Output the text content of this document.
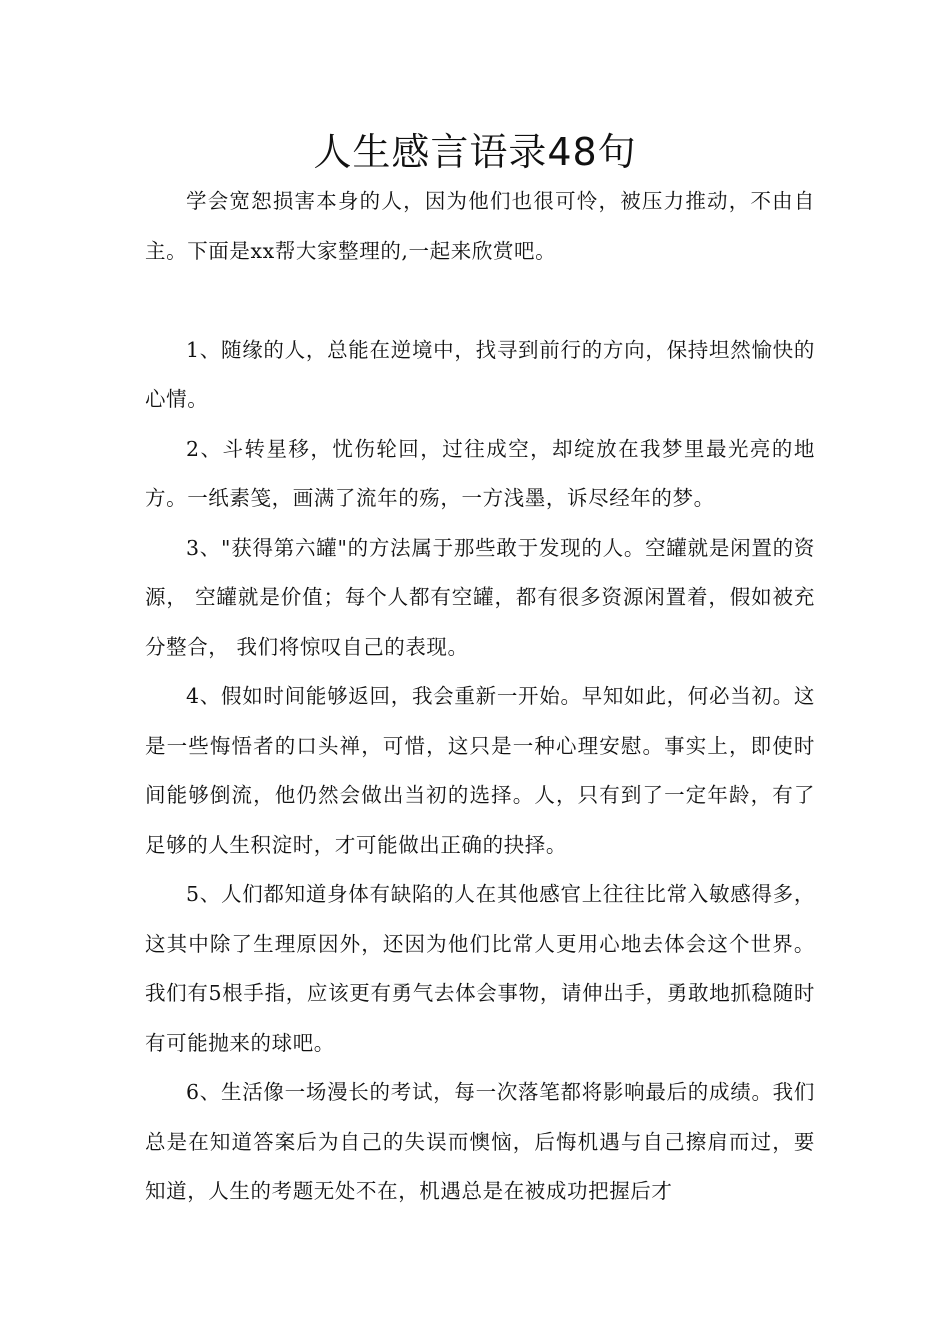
人生感言语录48句

学会宽恕损害本身的人，因为他们也很可怜，被压力推动，不由自主。下面是xx帮大家整理的,一起来欣赏吧。

1、随缘的人，总能在逆境中，找寻到前行的方向，保持坦然愉快的心情。

2、斗转星移，忧伤轮回，过往成空，却绽放在我梦里最光亮的地方。一纸素笺，画满了流年的殇，一方浅墨，诉尽经年的梦。

3、"获得第六罐"的方法属于那些敢于发现的人。空罐就是闲置的资源， 空罐就是价值；每个人都有空罐，都有很多资源闲置着，假如被充分整合， 我们将惊叹自己的表现。

4、假如时间能够返回，我会重新一开始。早知如此，何必当初。这是一些悔悟者的口头禅，可惜，这只是一种心理安慰。事实上，即使时间能够倒流，他仍然会做出当初的选择。人，只有到了一定年龄，有了足够的人生积淀时，才可能做出正确的抉择。

5、人们都知道身体有缺陷的人在其他感官上往往比常入敏感得多，这其中除了生理原因外，还因为他们比常人更用心地去体会这个世界。我们有5根手指，应该更有勇气去体会事物，请伸出手，勇敢地抓稳随时有可能抛来的球吧。

6、生活像一场漫长的考试，每一次落笔都将影响最后的成绩。我们总是在知道答案后为自己的失误而懊恼，后悔机遇与自己擦肩而过，要知道，人生的考题无处不在，机遇总是在被成功把握后才
